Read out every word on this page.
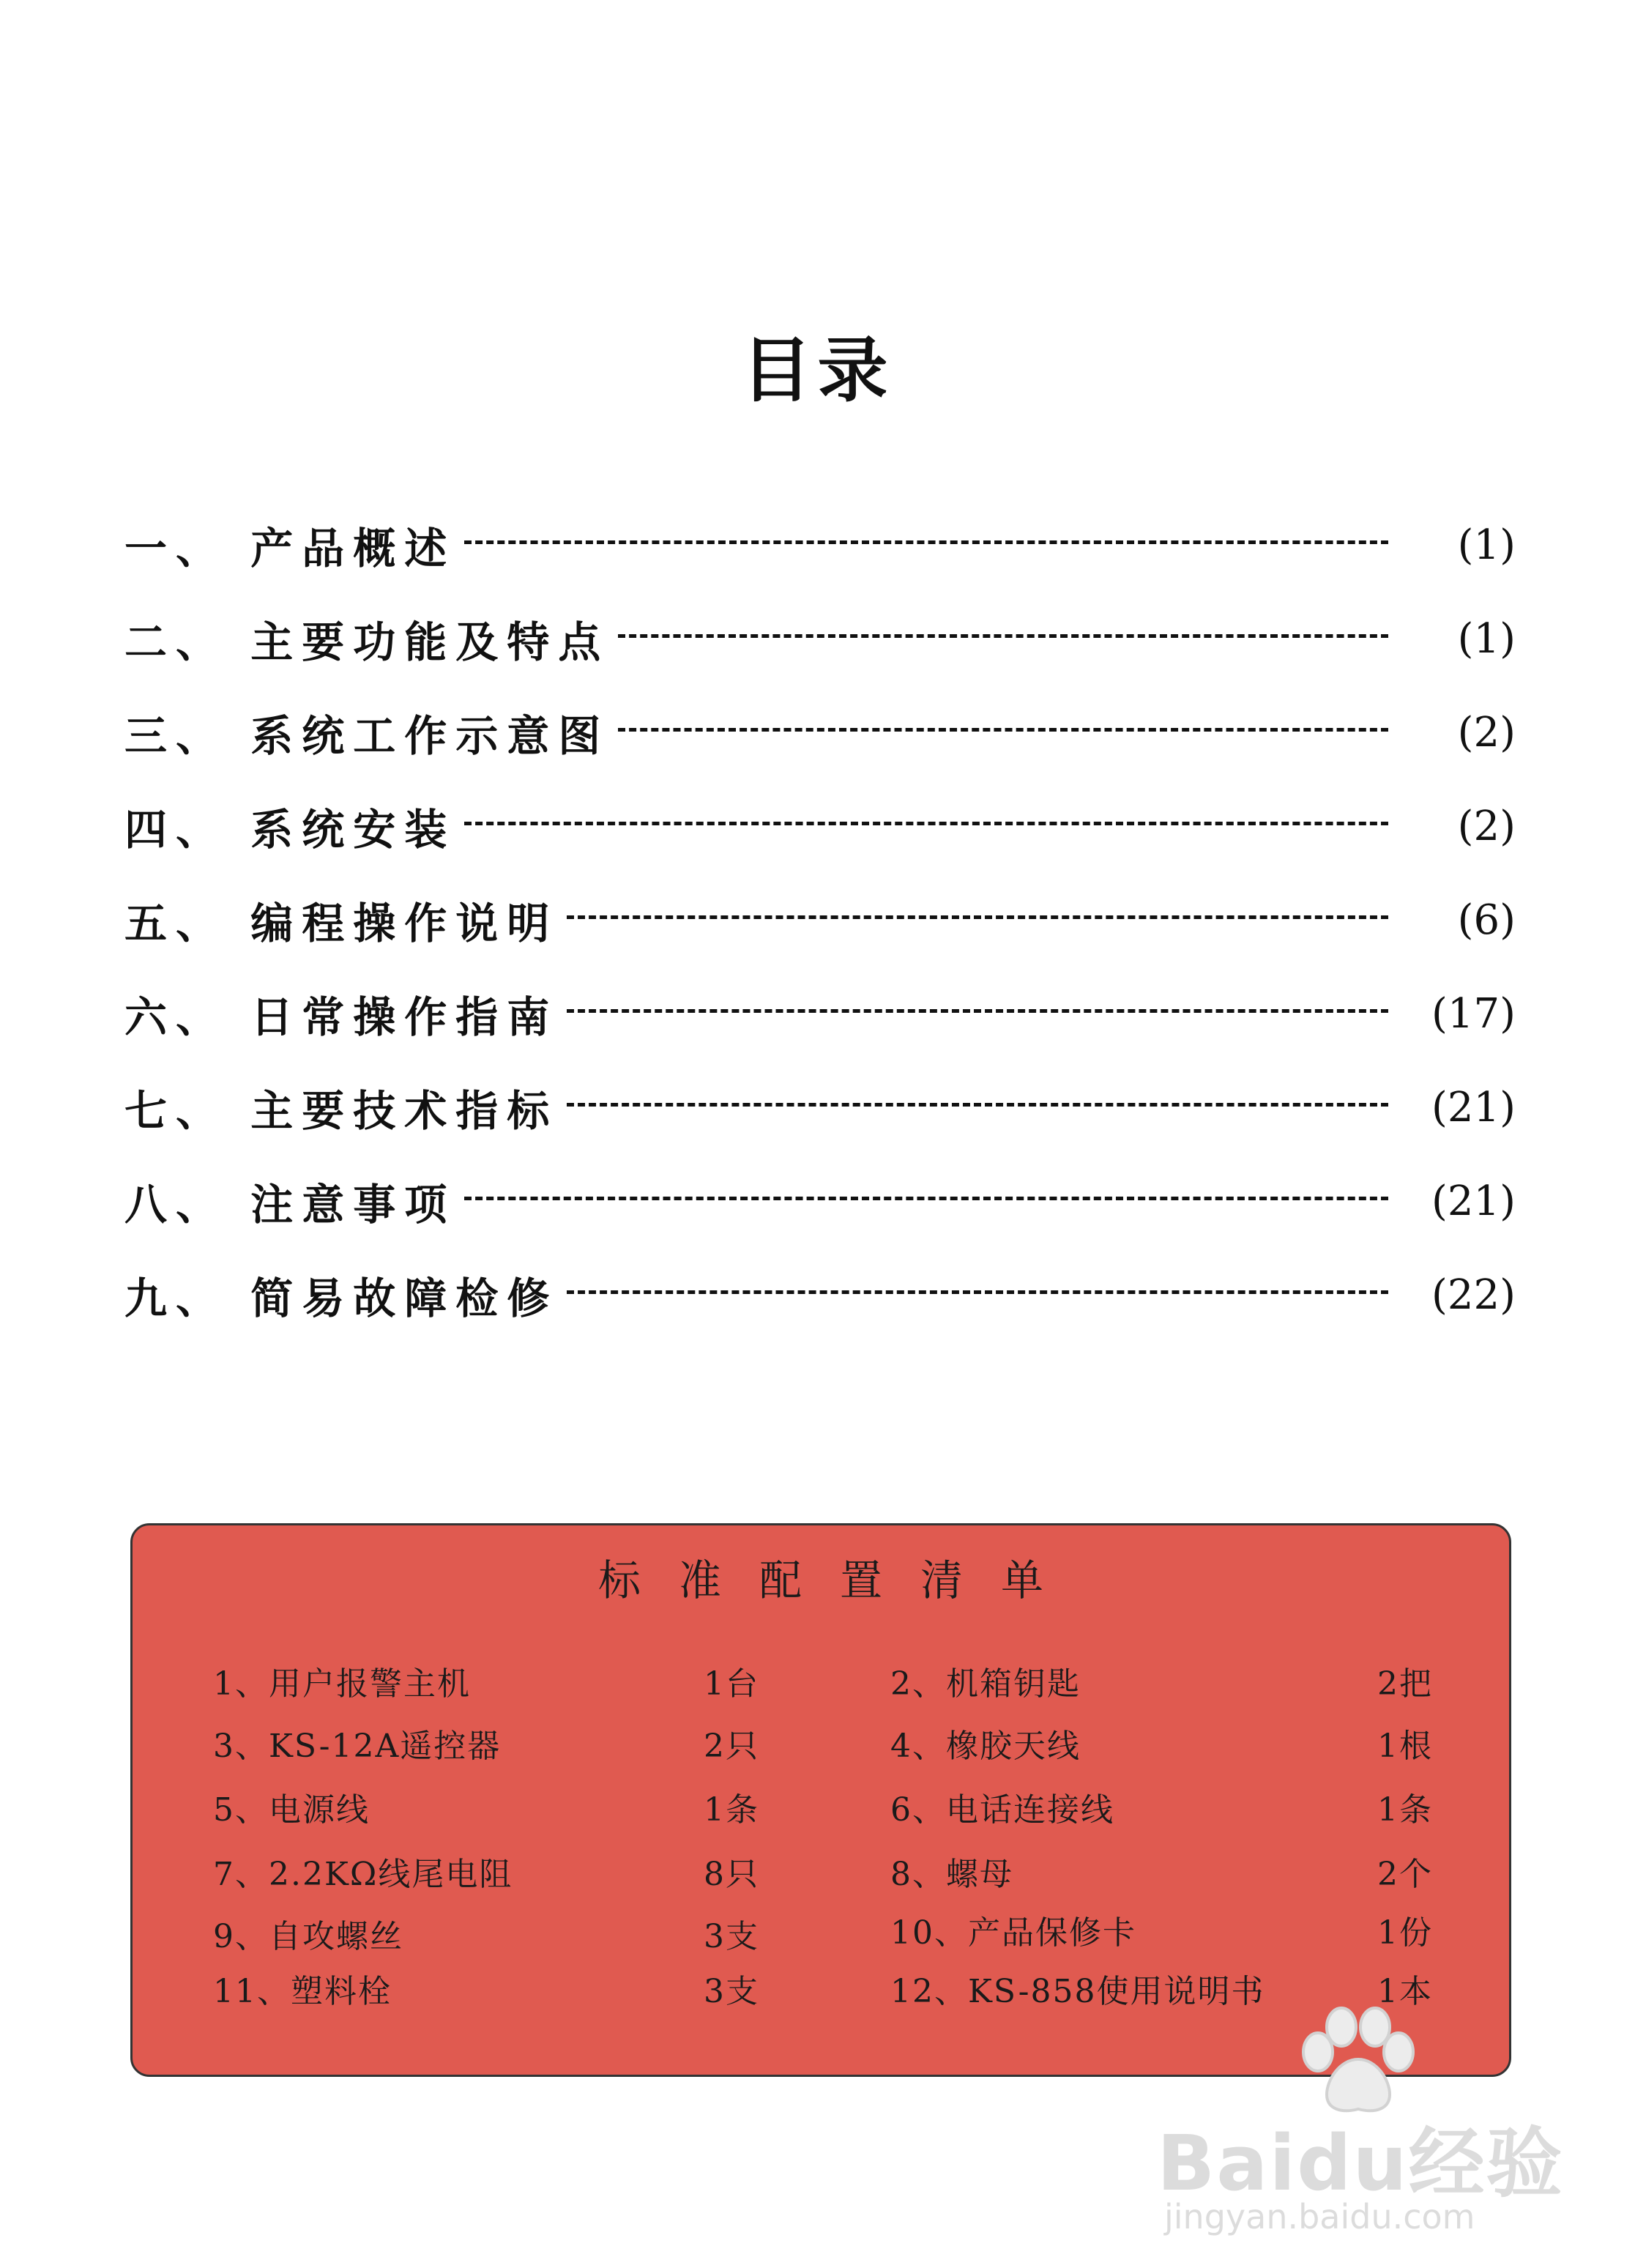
目录
一、 产品概述	(1)
二、 主要功能及特点	(1)
三、 系统工作示意图	(2)
四、 系统安装	(2)
五、 编程操作说明	(6)
六、 日常操作指南	(17)
七、 主要技术指标	(21)
八、 注意事项	(21)
九、 简易故障检修	(22)
标准配置清单
1、用户报警主机	1台	2、机箱钥匙	2把
3、KS-12A遥控器	2只	4、橡胶天线	1根
5、电源线	1条	6、电话连接线	1条
7、2.2KΩ线尾电阻	8只	8、螺母	2个
9、自攻螺丝	3支	10、产品保修卡	1份
11、塑料栓	3支	12、KS-858使用说明书	1本
Baidu经验
jingyan.baidu.com
